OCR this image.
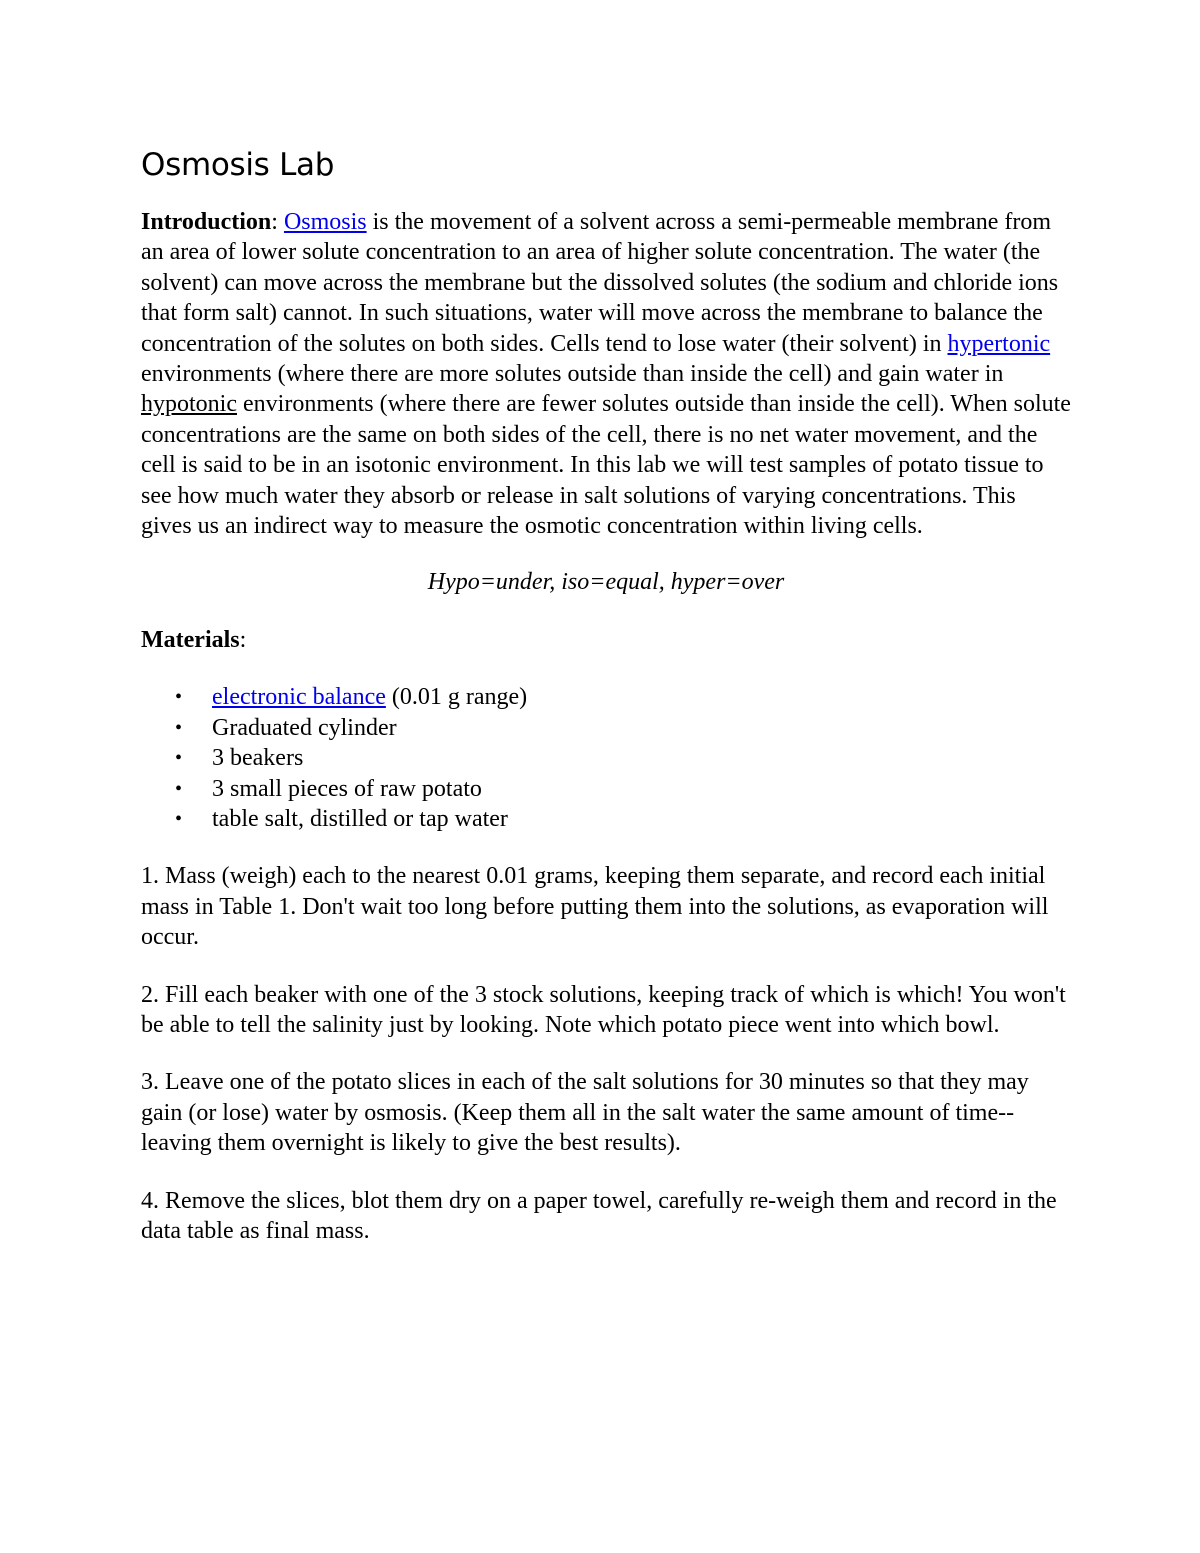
Osmosis Lab

Introduction: Osmosis is the movement of a solvent across a semi-permeable membrane from an area of lower solute concentration to an area of higher solute concentration. The water (the solvent) can move across the membrane but the dissolved solutes (the sodium and chloride ions that form salt) cannot. In such situations, water will move across the membrane to balance the concentration of the solutes on both sides. Cells tend to lose water (their solvent) in hypertonic environments (where there are more solutes outside than inside the cell) and gain water in hypotonic environments (where there are fewer solutes outside than inside the cell). When solute concentrations are the same on both sides of the cell, there is no net water movement, and the cell is said to be in an isotonic environment. In this lab we will test samples of potato tissue to see how much water they absorb or release in salt solutions of varying concentrations. This gives us an indirect way to measure the osmotic concentration within living cells.

Hypo=under, iso=equal, hyper=over

Materials:

• electronic balance (0.01 g range)
• Graduated cylinder
• 3 beakers
• 3 small pieces of raw potato
• table salt, distilled or tap water

1. Mass (weigh) each to the nearest 0.01 grams, keeping them separate, and record each initial mass in Table 1. Don't wait too long before putting them into the solutions, as evaporation will occur.

2. Fill each beaker with one of the 3 stock solutions, keeping track of which is which! You won't be able to tell the salinity just by looking. Note which potato piece went into which bowl.

3. Leave one of the potato slices in each of the salt solutions for 30 minutes so that they may gain (or lose) water by osmosis. (Keep them all in the salt water the same amount of time--leaving them overnight is likely to give the best results).

4. Remove the slices, blot them dry on a paper towel, carefully re-weigh them and record in the data table as final mass.
